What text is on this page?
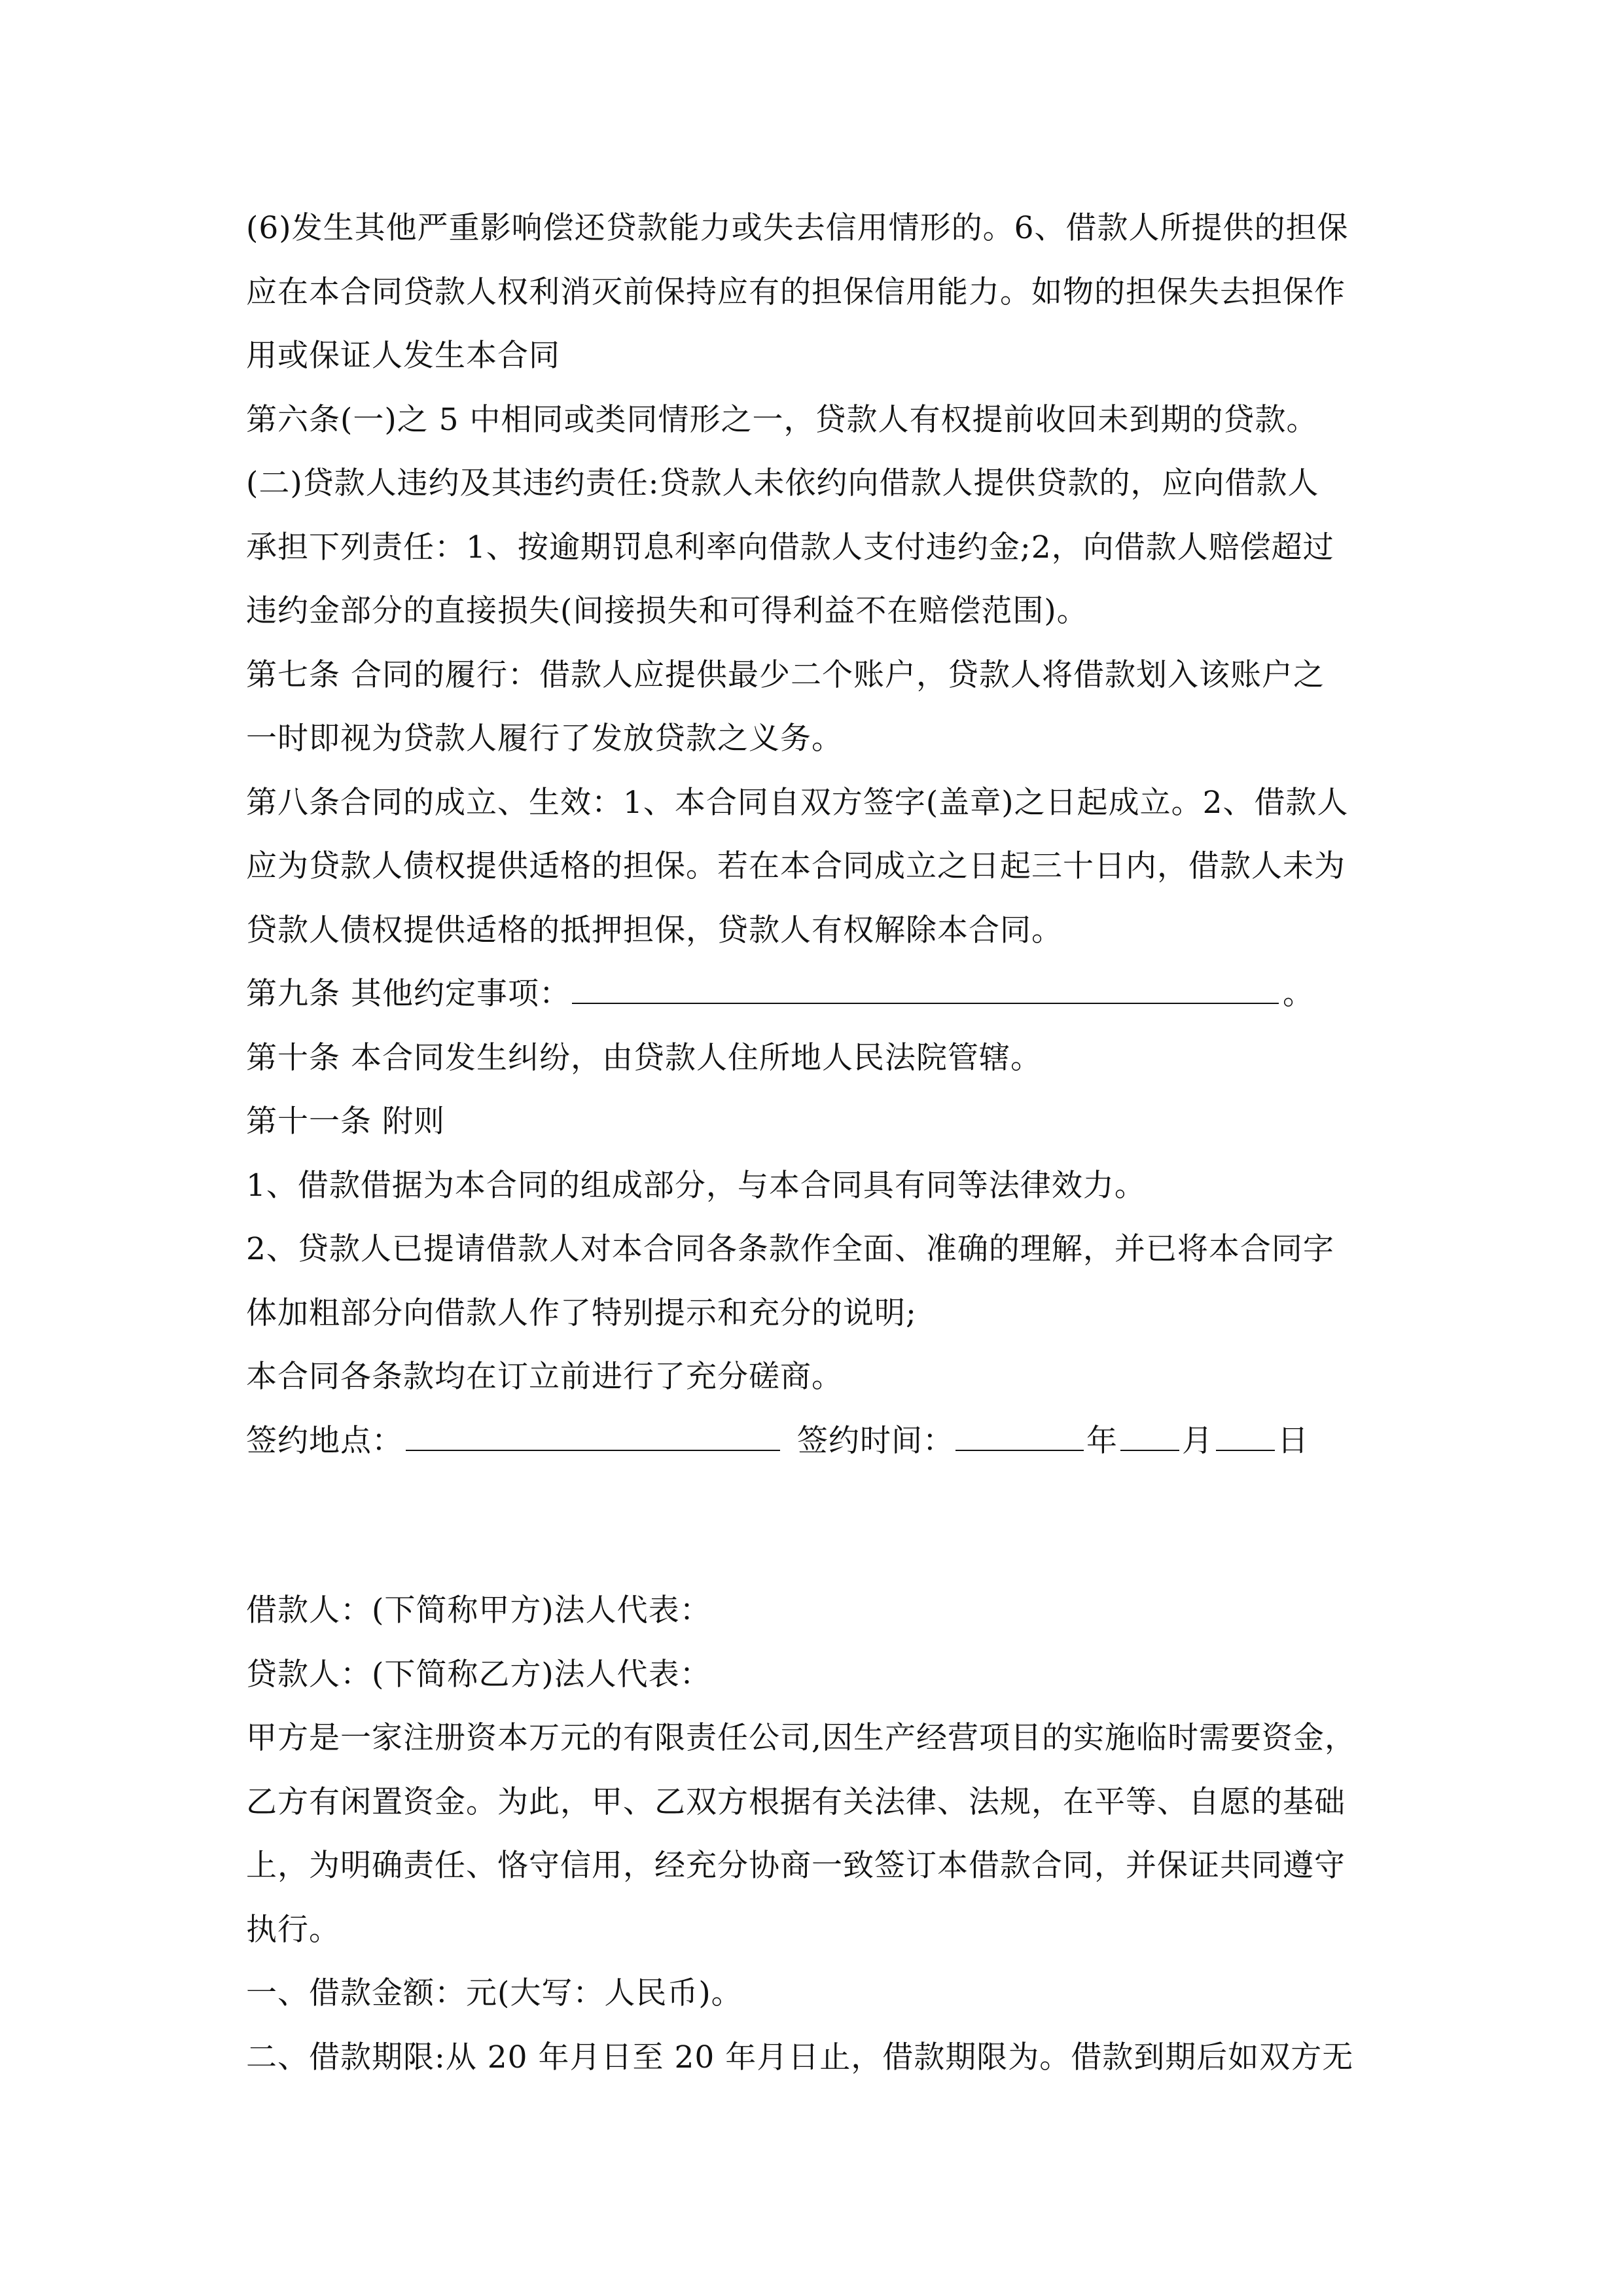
(6)发生其他严重影响偿还贷款能力或失去信用情形的。6、借款人所提供的担保
应在本合同贷款人权利消灭前保持应有的担保信用能力。如物的担保失去担保作
用或保证人发生本合同
第六条(一)之 5 中相同或类同情形之一，贷款人有权提前收回未到期的贷款。
(二)贷款人违约及其违约责任:贷款人未依约向借款人提供贷款的，应向借款人
承担下列责任：1、按逾期罚息利率向借款人支付违约金;2，向借款人赔偿超过
违约金部分的直接损失(间接损失和可得利益不在赔偿范围)。
第七条 合同的履行：借款人应提供最少二个账户，贷款人将借款划入该账户之
一时即视为贷款人履行了发放贷款之义务。
第八条合同的成立、生效：1、本合同自双方签字(盖章)之日起成立。2、借款人
应为贷款人债权提供适格的担保。若在本合同成立之日起三十日内，借款人未为
贷款人债权提供适格的抵押担保，贷款人有权解除本合同。
第九条 其他约定事项：	。
第十条 本合同发生纠纷，由贷款人住所地人民法院管辖。
第十一条 附则
1、借款借据为本合同的组成部分，与本合同具有同等法律效力。
2、贷款人已提请借款人对本合同各条款作全面、准确的理解，并已将本合同字
体加粗部分向借款人作了特别提示和充分的说明;
本合同各条款均在订立前进行了充分磋商。
签约地点：	签约时间：	年 月 日
借款人：(下简称甲方)法人代表：
贷款人：(下简称乙方)法人代表：
甲方是一家注册资本万元的有限责任公司,因生产经营项目的实施临时需要资金，
乙方有闲置资金。为此，甲、乙双方根据有关法律、法规，在平等、自愿的基础
上，为明确责任、恪守信用，经充分协商一致签订本借款合同，并保证共同遵守
执行。
一、借款金额：元(大写：人民币)。
二、借款期限:从 20 年月日至 20 年月日止，借款期限为。借款到期后如双方无
